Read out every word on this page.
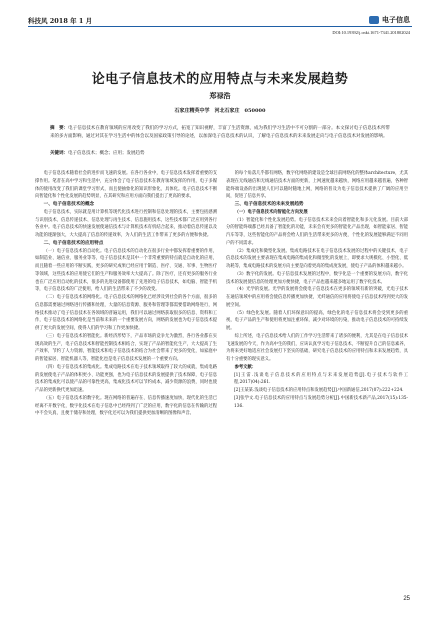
科技风 2018 年 1 月	电子信息
DOI:10.19392/j.cnki.1671-7341.201802024
论电子信息技术的应用特点与未来发展趋势
郑禄浩
石家庄精英中学　河北石家庄　050000
摘　要：电子信息技术在教育领域的应用改变了我们的学习方式，拓宽了知识视野，丰富了生活资源，成为我们学习生活中不可分割的一部分。本文探讨电子信息技术所带来的多方面影响，通过对其在学习生活中的体会以及国家政策引导的论述，以加深电子信息技术的认识，了解电子信息技术的未来发展走向与电子信息技术对发展的影响。
关键词：电子信息技术；概念；应用；发展趋势

电子信息技术随着社会的进步而飞速的发展。在各行各业中，电子信息技术发挥着重要的支撑作用。笔者在高中学习和生活中，充分体会了电子信息技术在教育领域发挥的作用，电子多媒体的使用改变了我们的课堂学习形式，而且使抽象化的知识形象化、具体化。电子信息技术不断向智能化和个性化发展的趋势明显，在其研究和应用方面向我们提出了更高的要求。

一、电子信息技术的概念

电子信息技术，实际就是用计算机等现代化技术进行控制和信息处理的技术，主要包括感测与识别技术、信息传递技术、信息处理与再生技术、信息施用技术，这些技术都广泛应用到各行各业中。电子信息技术的快速发展使通信技术与计算机技术有机结合起来，推动着信息传递以及功能的逐渐强大，大大提高了信息的传递效率，为人们的生活工作带来了更多的方便和快捷。

二、电子信息技术的应用特点

（一）电子信息技术的自动化。电子信息技术的自动化在很多行业中都发挥着重要的作用，如制造业、通信业、服务业等等，电子信息技术是其中一个非常重要的特点就是自动化的应用，而且随着一些应用的不断实践，更多的研究成果已经应用于制造、医疗、交通、军事、生物医疗等领域，这些技术的应用使它们的生产和服务效率大大提高了。除了医疗，还有更多的服务行业也在广泛应用自动化的技术，很多的先进设备都使用了先进的电子信息技术，如电脑、智能手机等，电子信息技术的广泛使用，给人们的生活带来了不少的改变。

（二）电子信息技术的网络化。电子信息技术的网络化已经涉及到社会的各个方面，很多的信息都需要通过网络进行传播和处理，大量的信息资源、服务和管理等都需要借助网络进行，网络技术推动了电子信息技术在各领域的普遍运用，我们可以通过网络获取很多的信息、资料和工作，电子信息技术的网络化是当前和未来的一个重要发展方向，网络的发展也为电子信息技术提供了更大的发展空间，使得人们的学习和工作更加快捷。

（三）电子信息技术的智能化。新经济形势下，产品市场的竞争尤为激烈，各行各业都在实现高效的生产，电子信息技术和智能控制技术相结合，实现了产品的智能化生产，大大提高了生产效率，节约了人力资源，智能技术和电子信息技术的结合为社会带来了更多的变化，如家庭中的智能家居、智能机器人等，智能化也是电子信息技术发展的一个重要方向。

（四）电子信息技术的集成化。集成电路技术在电子技术领域取得了较大的成就，集成电路的发展使电子产品的体积更小、功能更强，也为电子信息技术的发展提供了技术保障，电子信息技术的集成化可以使产品的可靠性更高，集成化技术可以节约成本，减少资源的浪费，同时也使产品的更新换代更加迅速。

（五）电子信息技术的数字化。现在网络的普遍存在、信息传播速度加快，现代化的生活已经离不开数字化，数字化技术在电子信息中已经得到了广泛的应用，数字化的信息在传输的过程中不会失真，且便于储存和处理，数字化还可以为我们提供更加清晰的图像和声音。

的每个角落几乎都有网络，数字化网络的建设是全球目前网络化的整体architecture，尤其表现在无线通信和无线通信技术方面的更新，上网速度越来越快，网络应用越来越普遍，各种智能终端设备的出现使人们可以随时随地上网，网络的普及为电子信息技术提供了广阔的应用空间，促进了信息共享。

三、电子信息技术的未来发展趋势
（一）电子信息技术向智能化方向发展

（1）智能化和个性化发展趋势。电子信息技术未来会向着智能化和多元化发展。目前大部分的智能终端都已经具备了智能化的功能，未来会有更多的智能化产品出现，如智能家居、智能汽车等等，这些智能化的产品将会给人们的生活带来更多的方便，个性化的发展能够满足不同用户的不同需求。

（2）集成化和微型化发展。集成电路技术在电子信息技术发展的过程中的关键技术，电子信息技术的发展主要表现在集成电路的集成化和微型化的发展上，即要求大规模化、小型化、低功耗等，集成电路技术的发展方向主要是向着更高的集成度发展，使电子产品的体积越来越小。

（3）数字化的发展。电子信息技术发展的过程中，数字化是一个重要的发展方向，数字化技术的发展使信息的处理更加方便快捷，电子产品也越来越多地运用了数字化技术。

（4）光学的发展。光学的发展将会使电子信息技术在更多的领域有新的突破，光电子技术在通信领域中的应用将会使信息传播更加快捷，光纤通信的应用将使电子信息技术得到更大的发展空间。

（5）绿色化发展。随着人们环保意识的提高，绿色化的电子信息技术将会受到更多的重视，电子产品的生产和使用将更加注重环保，减少对环境的污染，推动电子信息技术的可持续发展。

综上所述，电子信息技术给人们的工作学习生活带来了诸多的便利，尤其是在电子信息技术飞速发展的今天，作为高中生的我们，应该认真学习电子信息技术，不断提升自己的信息素养，为将来更好地适应社会发展打下坚实的基础，研究电子信息技术的应用特点和未来发展趋势，具有十分重要的现实意义。

参考文献：

[1]王雷.浅谈电子信息技术的应用特点与未来发展趋势[J].电子技术与软件工程,2017(04):261.

[2]王某某.浅谈电子信息技术的应用特点和发展趋势[J].中国新通信,2017(07):222+224.

[3]张学文.电子信息技术的应用特点与发展趋势分析[J].中国新技术新产品,2017(15):135-136.

25
